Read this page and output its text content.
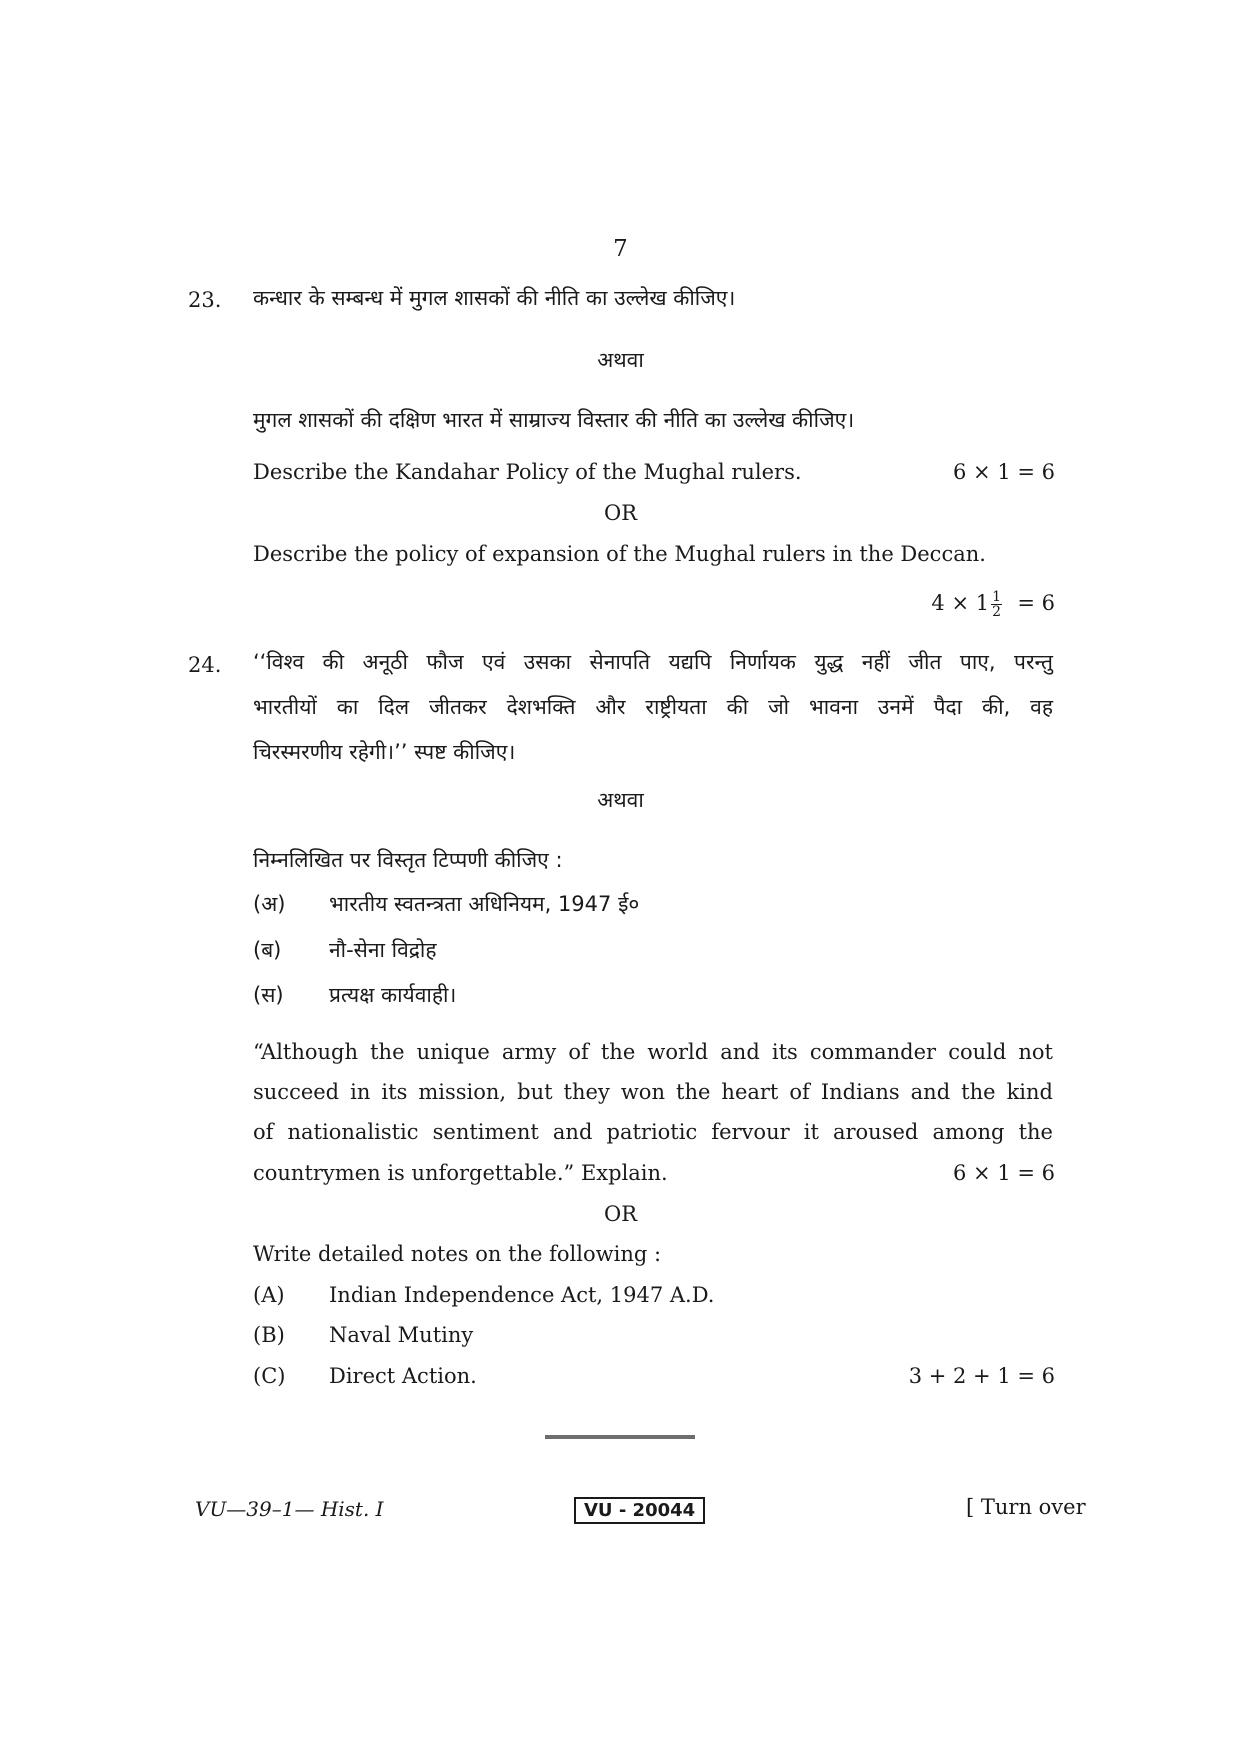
7
23. कन्धार के सम्बन्ध में मुगल शासकों की नीति का उल्लेख कीजिए।
अथवा
मुगल शासकों की दक्षिण भारत में साम्राज्य विस्तार की नीति का उल्लेख कीजिए।
Describe the Kandahar Policy of the Mughal rulers.	6 × 1 = 6
OR
Describe the policy of expansion of the Mughal rulers in the Deccan.
$4 \times 1 \frac{1}{2} = 6$
24. ‘‘विश्व की अनूठी फौज एवं उसका सेनापति यद्यपि निर्णायक युद्ध नहीं जीत पाए, परन्तु
भारतीयों का दिल जीतकर देशभक्ति और राष्ट्रीयता की जो भावना उनमें पैदा की, वह
चिरस्मरणीय रहेगी।’’ स्पष्ट कीजिए।
अथवा
निम्नलिखित पर विस्तृत टिप्पणी कीजिए :
(अ) भारतीय स्वतन्त्रता अधिनियम, 1947 ई०
(ब) नौ-सेना विद्रोह
(स) प्रत्यक्ष कार्यवाही।
“Although the unique army of the world and its commander could not
succeed in its mission, but they won the heart of Indians and the kind
of nationalistic sentiment and patriotic fervour it aroused among the
countrymen is unforgettable.” Explain.	6 × 1 = 6
OR
Write detailed notes on the following :
(A) Indian Independence Act, 1947 A.D.
(B) Naval Mutiny
(C) Direct Action.	3 + 2 + 1 = 6
VU—39–1— Hist. I	VU - 20044	[ Turn over
